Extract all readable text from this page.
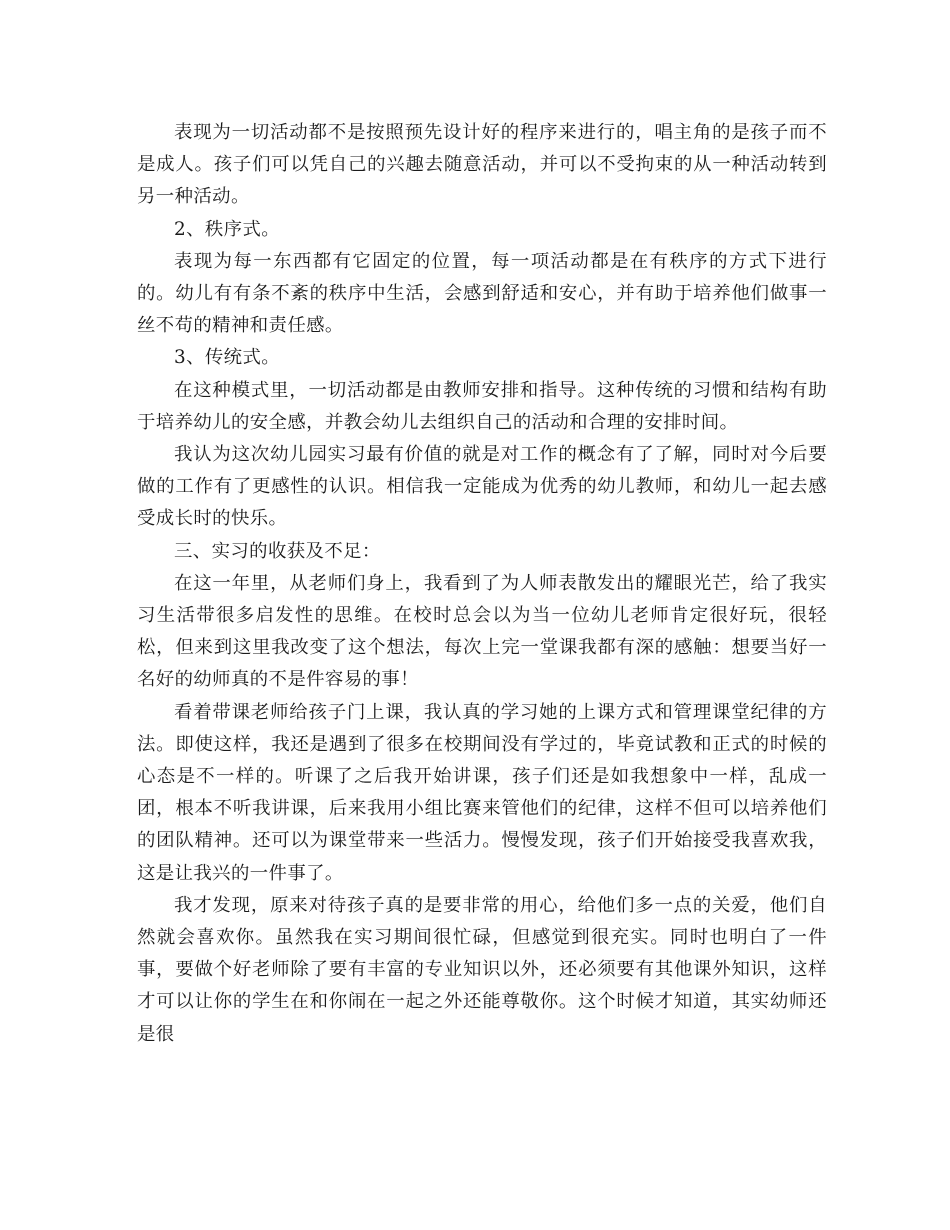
表现为一切活动都不是按照预先设计好的程序来进行的，唱主角的是孩子而不是成人。孩子们可以凭自己的兴趣去随意活动，并可以不受拘束的从一种活动转到另一种活动。

2、秩序式。

表现为每一东西都有它固定的位置，每一项活动都是在有秩序的方式下进行的。幼儿有有条不紊的秩序中生活，会感到舒适和安心，并有助于培养他们做事一丝不苟的精神和责任感。

3、传统式。

在这种模式里，一切活动都是由教师安排和指导。这种传统的习惯和结构有助于培养幼儿的安全感，并教会幼儿去组织自己的活动和合理的安排时间。

我认为这次幼儿园实习最有价值的就是对工作的概念有了了解，同时对今后要做的工作有了更感性的认识。相信我一定能成为优秀的幼儿教师，和幼儿一起去感受成长时的快乐。

三、实习的收获及不足：

在这一年里，从老师们身上，我看到了为人师表散发出的耀眼光芒，给了我实习生活带很多启发性的思维。在校时总会以为当一位幼儿老师肯定很好玩，很轻松，但来到这里我改变了这个想法，每次上完一堂课我都有深的感触：想要当好一名好的幼师真的不是件容易的事！

看着带课老师给孩子门上课，我认真的学习她的上课方式和管理课堂纪律的方法。即使这样，我还是遇到了很多在校期间没有学过的，毕竟试教和正式的时候的心态是不一样的。听课了之后我开始讲课，孩子们还是如我想象中一样，乱成一团，根本不听我讲课，后来我用小组比赛来管他们的纪律，这样不但可以培养他们的团队精神。还可以为课堂带来一些活力。慢慢发现，孩子们开始接受我喜欢我，这是让我兴的一件事了。

我才发现，原来对待孩子真的是要非常的用心，给他们多一点的关爱，他们自然就会喜欢你。虽然我在实习期间很忙碌，但感觉到很充实。同时也明白了一件事，要做个好老师除了要有丰富的专业知识以外，还必须要有其他课外知识，这样才可以让你的学生在和你闹在一起之外还能尊敬你。这个时候才知道，其实幼师还是很
